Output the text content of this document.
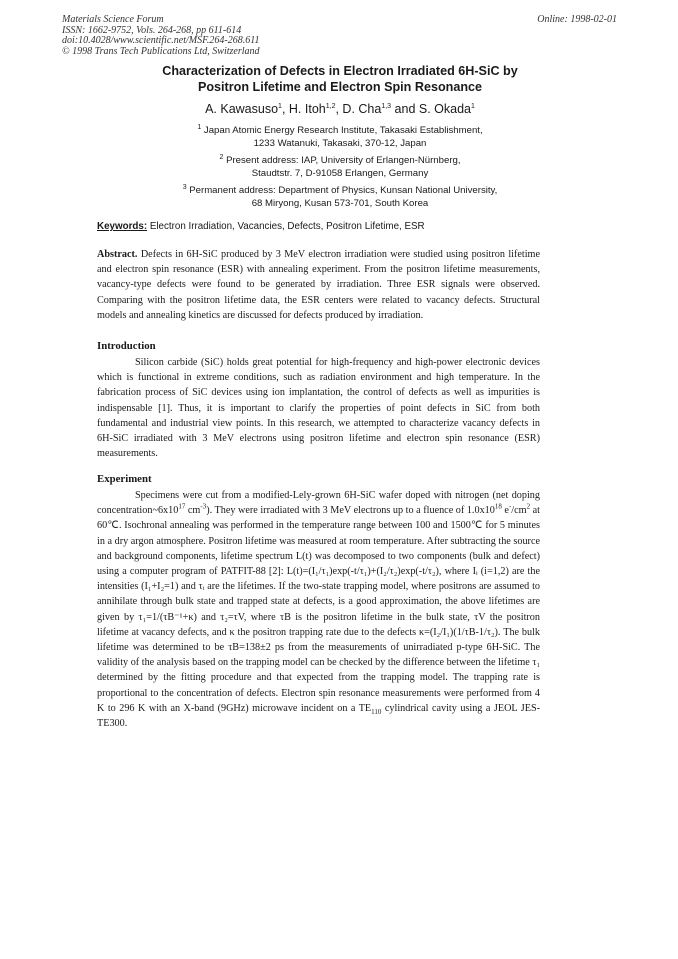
Materials Science Forum
ISSN: 1662-9752, Vols. 264-268, pp 611-614
doi:10.4028/www.scientific.net/MSF.264-268.611
© 1998 Trans Tech Publications Ltd, Switzerland
Online: 1998-02-01
Characterization of Defects in Electron Irradiated 6H-SiC by
Positron Lifetime and Electron Spin Resonance
A. Kawasuso$^1$, H. Itoh$^{1,2}$, D. Cha$^{1,3}$ and S. Okada$^1$
$^1$ Japan Atomic Energy Research Institute, Takasaki Establishment,
1233 Watanuki, Takasaki, 370-12, Japan
$^2$ Present address: IAP, University of Erlangen-Nürnberg,
Staudtstr. 7, D-91058 Erlangen, Germany
$^3$ Permanent address: Department of Physics, Kunsan National University,
68 Miryong, Kusan 573-701, South Korea
Keywords: Electron Irradiation, Vacancies, Defects, Positron Lifetime, ESR
Abstract. Defects in 6H-SiC produced by 3 MeV electron irradiation were studied using positron lifetime and electron spin resonance (ESR) with annealing experiment. From the positron lifetime measurements, vacancy-type defects were found to be generated by irradiation. Three ESR signals were observed. Comparing with the positron lifetime data, the ESR centers were related to vacancy defects. Structural models and annealing kinetics are discussed for defects produced by irradiation.
Introduction
Silicon carbide (SiC) holds great potential for high-frequency and high-power electronic devices which is functional in extreme conditions, such as radiation environment and high temperature. In the fabrication process of SiC devices using ion implantation, the control of defects as well as impurities is indispensable [1]. Thus, it is important to clarify the properties of point defects in SiC from both fundamental and industrial view points. In this research, we attempted to characterize vacancy defects in 6H-SiC irradiated with 3 MeV electrons using positron lifetime and electron spin resonance (ESR) measurements.
Experiment
Specimens were cut from a modified-Lely-grown 6H-SiC wafer doped with nitrogen (net doping $concentration\sim 6x10^{17}$ $cm^{-3}$). They were irradiated with 3 MeV electrons up to a fluence of $1.0x10^{18}$ $e^-/cm^2$ at 60℃. Isochronal annealing was performed in the temperature range between 100 and 1500℃ for 5 minutes in a dry argon atmosphere. Positron lifetime was measured at room temperature. After subtracting the source and background components, lifetime spectrum L(t) was decomposed to two components (bulk and defect) using a computer program of PATFIT-88 [2]: L(t)=(I₁/τ₁)exp(-t/τ₁)+(I₂/τ₂)exp(-t/τ₂), where Iᵢ (i=1,2) are the intensities (I₁+I₂=1) and τᵢ are the lifetimes. If the two-state trapping model, where positrons are assumed to annihilate through bulk state and trapped state at defects, is a good approximation, the above lifetimes are given by τ₁=1/(τB⁻¹+κ) and τ₂=τV, where τB is the positron lifetime in the bulk state, τV the positron lifetime at vacancy defects, and κ the positron trapping rate due to the defects κ=(I₂/I₁)(1/τB-1/τ₂). The bulk lifetime was determined to be τB=138±2 ps from the measurements of unirradiated p-type 6H-SiC. The validity of the analysis based on the trapping model can be checked by the difference between the lifetime τ₁ determined by the fitting procedure and that expected from the trapping model. The trapping rate is proportional to the concentration of defects. Electron spin resonance measurements were performed from 4 K to 296 K with an X-band (9GHz) microwave incident on a $TE_{110}$ cylindrical cavity using a JEOL JES-TE300.
